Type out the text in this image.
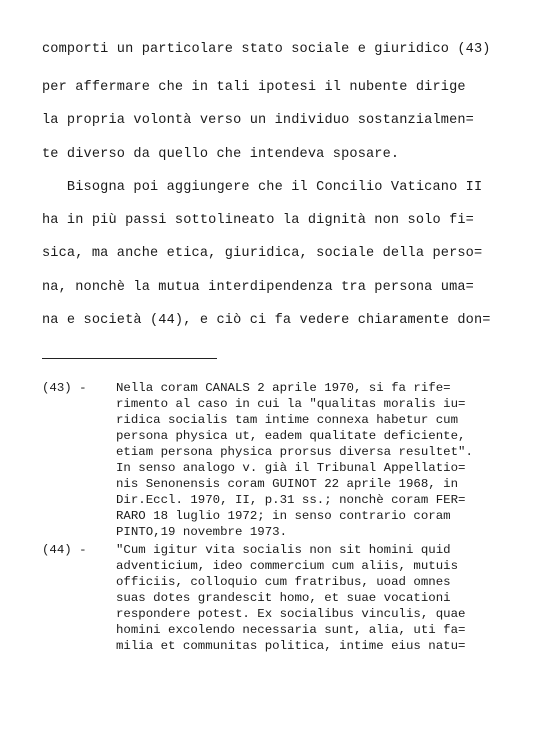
comporti un particolare stato sociale e giuridico (43)
per affermare che in tali ipotesi il nubente dirige
la propria volontà verso un individuo sostanzialmen=
te diverso da quello che intendeva sposare.
Bisogna poi aggiungere che il Concilio Vaticano II
ha in più passi sottolineato la dignità non solo fi=
sica, ma anche etica, giuridica, sociale della perso=
na, nonchè la mutua interdipendenza tra persona uma=
na e società (44), e ciò ci fa vedere chiaramente don=
(43) - Nella coram CANALS 2 aprile 1970, si fa rife=
rimento al caso in cui la "qualitas moralis iu=
ridica socialis tam intime connexa habetur cum
persona physica ut, eadem qualitate deficiente,
etiam persona physica prorsus diversa resultet".
In senso analogo v. già il Tribunal Appellatio=
nis Senonensis coram GUINOT 22 aprile 1968, in
Dir.Eccl. 1970, II, p.31 ss.; nonchè coram FER=
RARO 18 luglio 1972; in senso contrario coram
PINTO,19 novembre 1973.
(44) - "Cum igitur vita socialis non sit homini quid
adventicium, ideo commercium cum aliis, mutuis
officiis, colloquio cum fratribus, uoad omnes
suas dotes grandescit homo, et suae vocationi
respondere potest. Ex socialibus vinculis, quae
homini excolendo necessaria sunt, alia, uti fa=
milia et communitas politica, intime eius natu=
